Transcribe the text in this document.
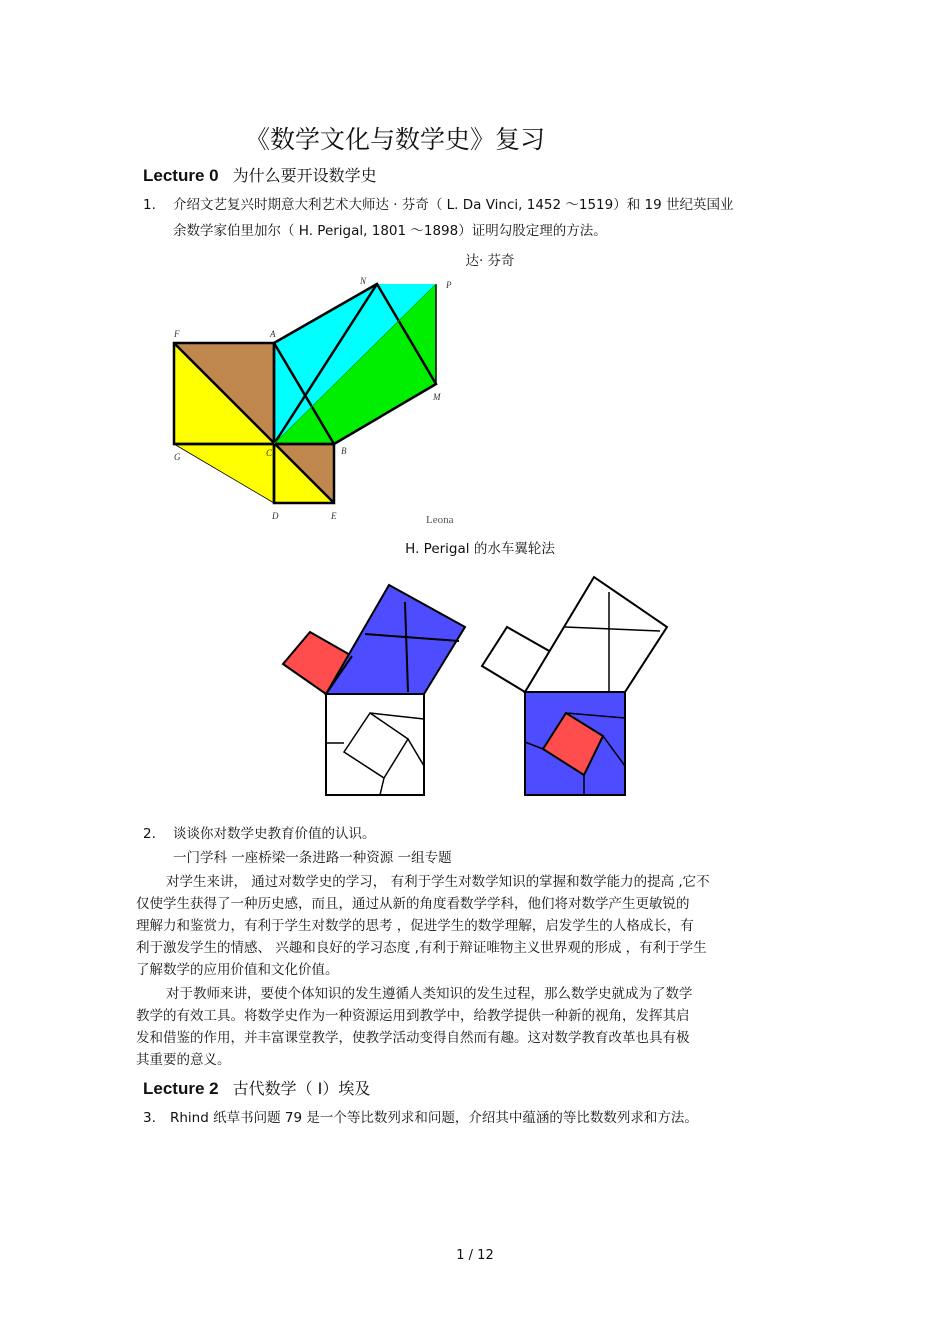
《数学文化与数学史》复习
Lecture 0 为什么要开设数学史
1. 介绍文艺复兴时期意大利艺术大师达 · 芬奇（ L. Da Vinci, 1452 ～1519）和 19 世纪英国业
余数学家伯里加尔（ H. Perigal, 1801 ～1898）证明勾股定理的方法。
达· 芬奇
F	A
N	P
M
B
C
G
D	E	Leona
H. Perigal 的水车翼轮法
2. 谈谈你对数学史教育价值的认识。
一门学科 一座桥梁一条进路一种资源 一组专题
对学生来讲， 通过对数学史的学习， 有利于学生对数学知识的掌握和数学能力的提高 ,它不
仅使学生获得了一种历史感，而且，通过从新的角度看数学学科，他们将对数学产生更敏锐的
理解力和鉴赏力，有利于学生对数学的思考 ，促进学生的数学理解，启发学生的人格成长，有
利于激发学生的情感、 兴趣和良好的学习态度 ,有利于辩证唯物主义世界观的形成 ，有利于学生
了解数学的应用价值和文化价值。
对于教师来讲，要使个体知识的发生遵循人类知识的发生过程，那么数学史就成为了数学
教学的有效工具。将数学史作为一种资源运用到教学中，给教学提供一种新的视角，发挥其启
发和借鉴的作用，并丰富课堂教学，使教学活动变得自然而有趣。这对数学教育改革也具有极
其重要的意义。
Lecture 2 古代数学（ I）埃及
3. Rhind 纸草书问题 79 是一个等比数列求和问题，介绍其中蕴涵的等比数数列求和方法。
1 / 12
